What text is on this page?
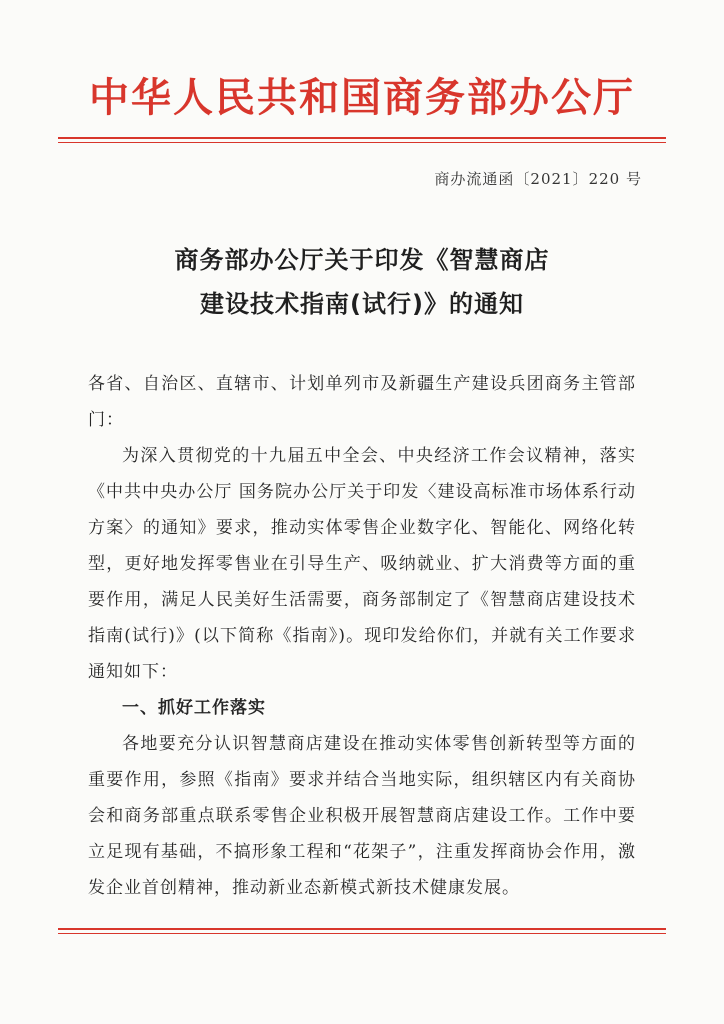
中华人民共和国商务部办公厅
商办流通函〔2021〕220 号
商务部办公厅关于印发《智慧商店
建设技术指南(试行)》的通知

各省、自治区、直辖市、计划单列市及新疆生产建设兵团商务主管部门：

为深入贯彻党的十九届五中全会、中央经济工作会议精神，落实《中共中央办公厅 国务院办公厅关于印发〈建设高标准市场体系行动方案〉的通知》要求，推动实体零售企业数字化、智能化、网络化转型，更好地发挥零售业在引导生产、吸纳就业、扩大消费等方面的重要作用，满足人民美好生活需要，商务部制定了《智慧商店建设技术指南(试行)》(以下简称《指南》)。现印发给你们，并就有关工作要求通知如下：

一、抓好工作落实

各地要充分认识智慧商店建设在推动实体零售创新转型等方面的重要作用，参照《指南》要求并结合当地实际，组织辖区内有关商协会和商务部重点联系零售企业积极开展智慧商店建设工作。工作中要立足现有基础，不搞形象工程和“花架子”，注重发挥商协会作用，激发企业首创精神，推动新业态新模式新技术健康发展。
